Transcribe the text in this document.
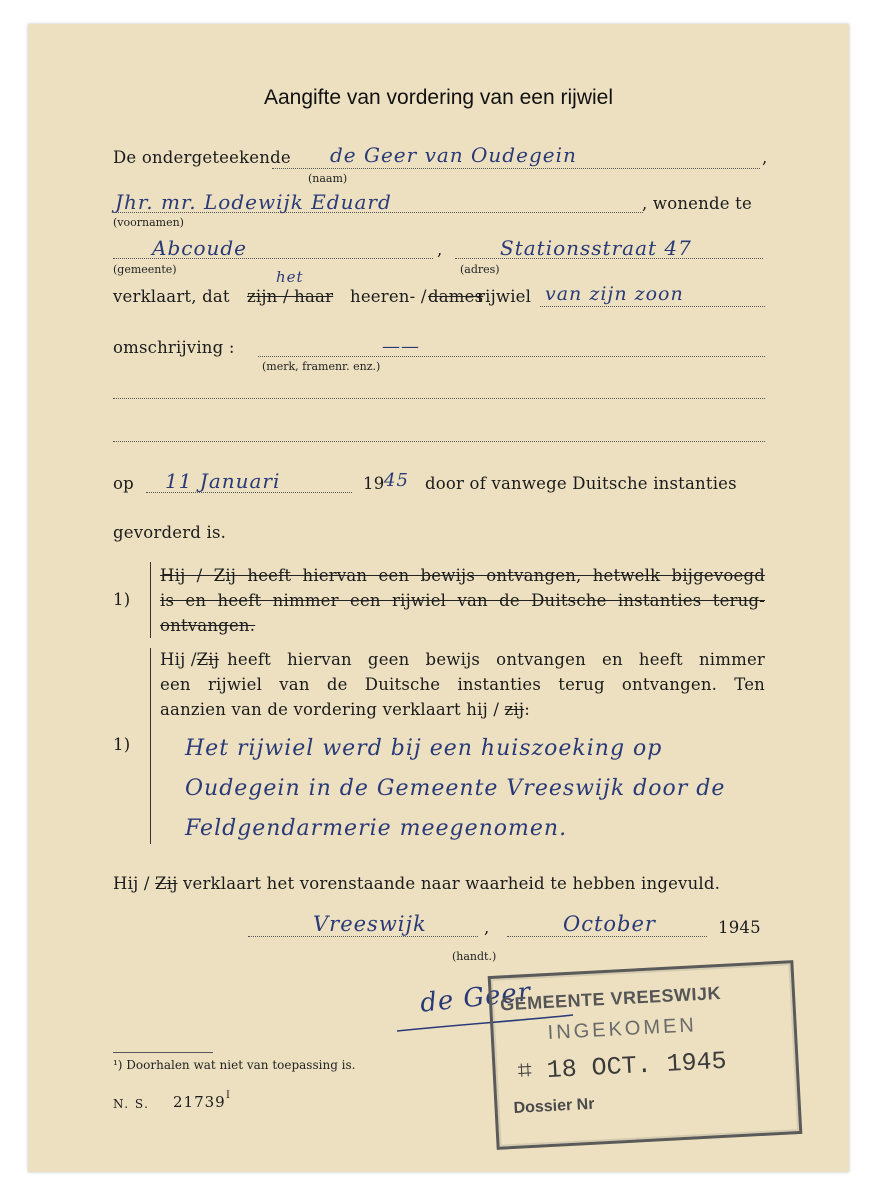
Aangifte van vordering van een rijwiel
De ondergeteekende de Geer van Oudegein	,
(naam)
Jhr. mr. Lodewijk Eduard	, wonende te
(voornamen)
Abcoude	,	Stationsstraat 47
(gemeente)	(adres)
verklaart, dat
het
zijn / haar heeren- / dames
rijwiel van zijn zoon
omschrijving :	——
(merk, framenr. enz.)
op 11 Januari	19 45 door of vanwege Duitsche instanties
gevorderd is.
1)
Hij / Zij heeft hiervan een bewijs ontvangen, hetwelk bijgevoegd
is en heeft nimmer een rijwiel van de Duitsche instanties terug-
ontvangen.
1)
Hij / Zij heeft hiervan geen bewijs ontvangen en heeft nimmer
een rijwiel van de Duitsche instanties terug ontvangen. Ten
aanzien van de vordering verklaart hij / zij:
Het rijwiel werd bij een huiszoeking op
Oudegein in de Gemeente Vreeswijk door de
Feldgendarmerie meegenomen.
Hij / Zij verklaart het vorenstaande naar waarheid te hebben ingevuld.
Vreeswijk	,	October	1945
(handt.)
de Geer
GEMEENTE VREESWIJK
INGEKOMEN
⌗ 18 OCT. 1945
Dossier Nr
¹) Doorhalen wat niet van toepassing is.
N. S. 21739 I
